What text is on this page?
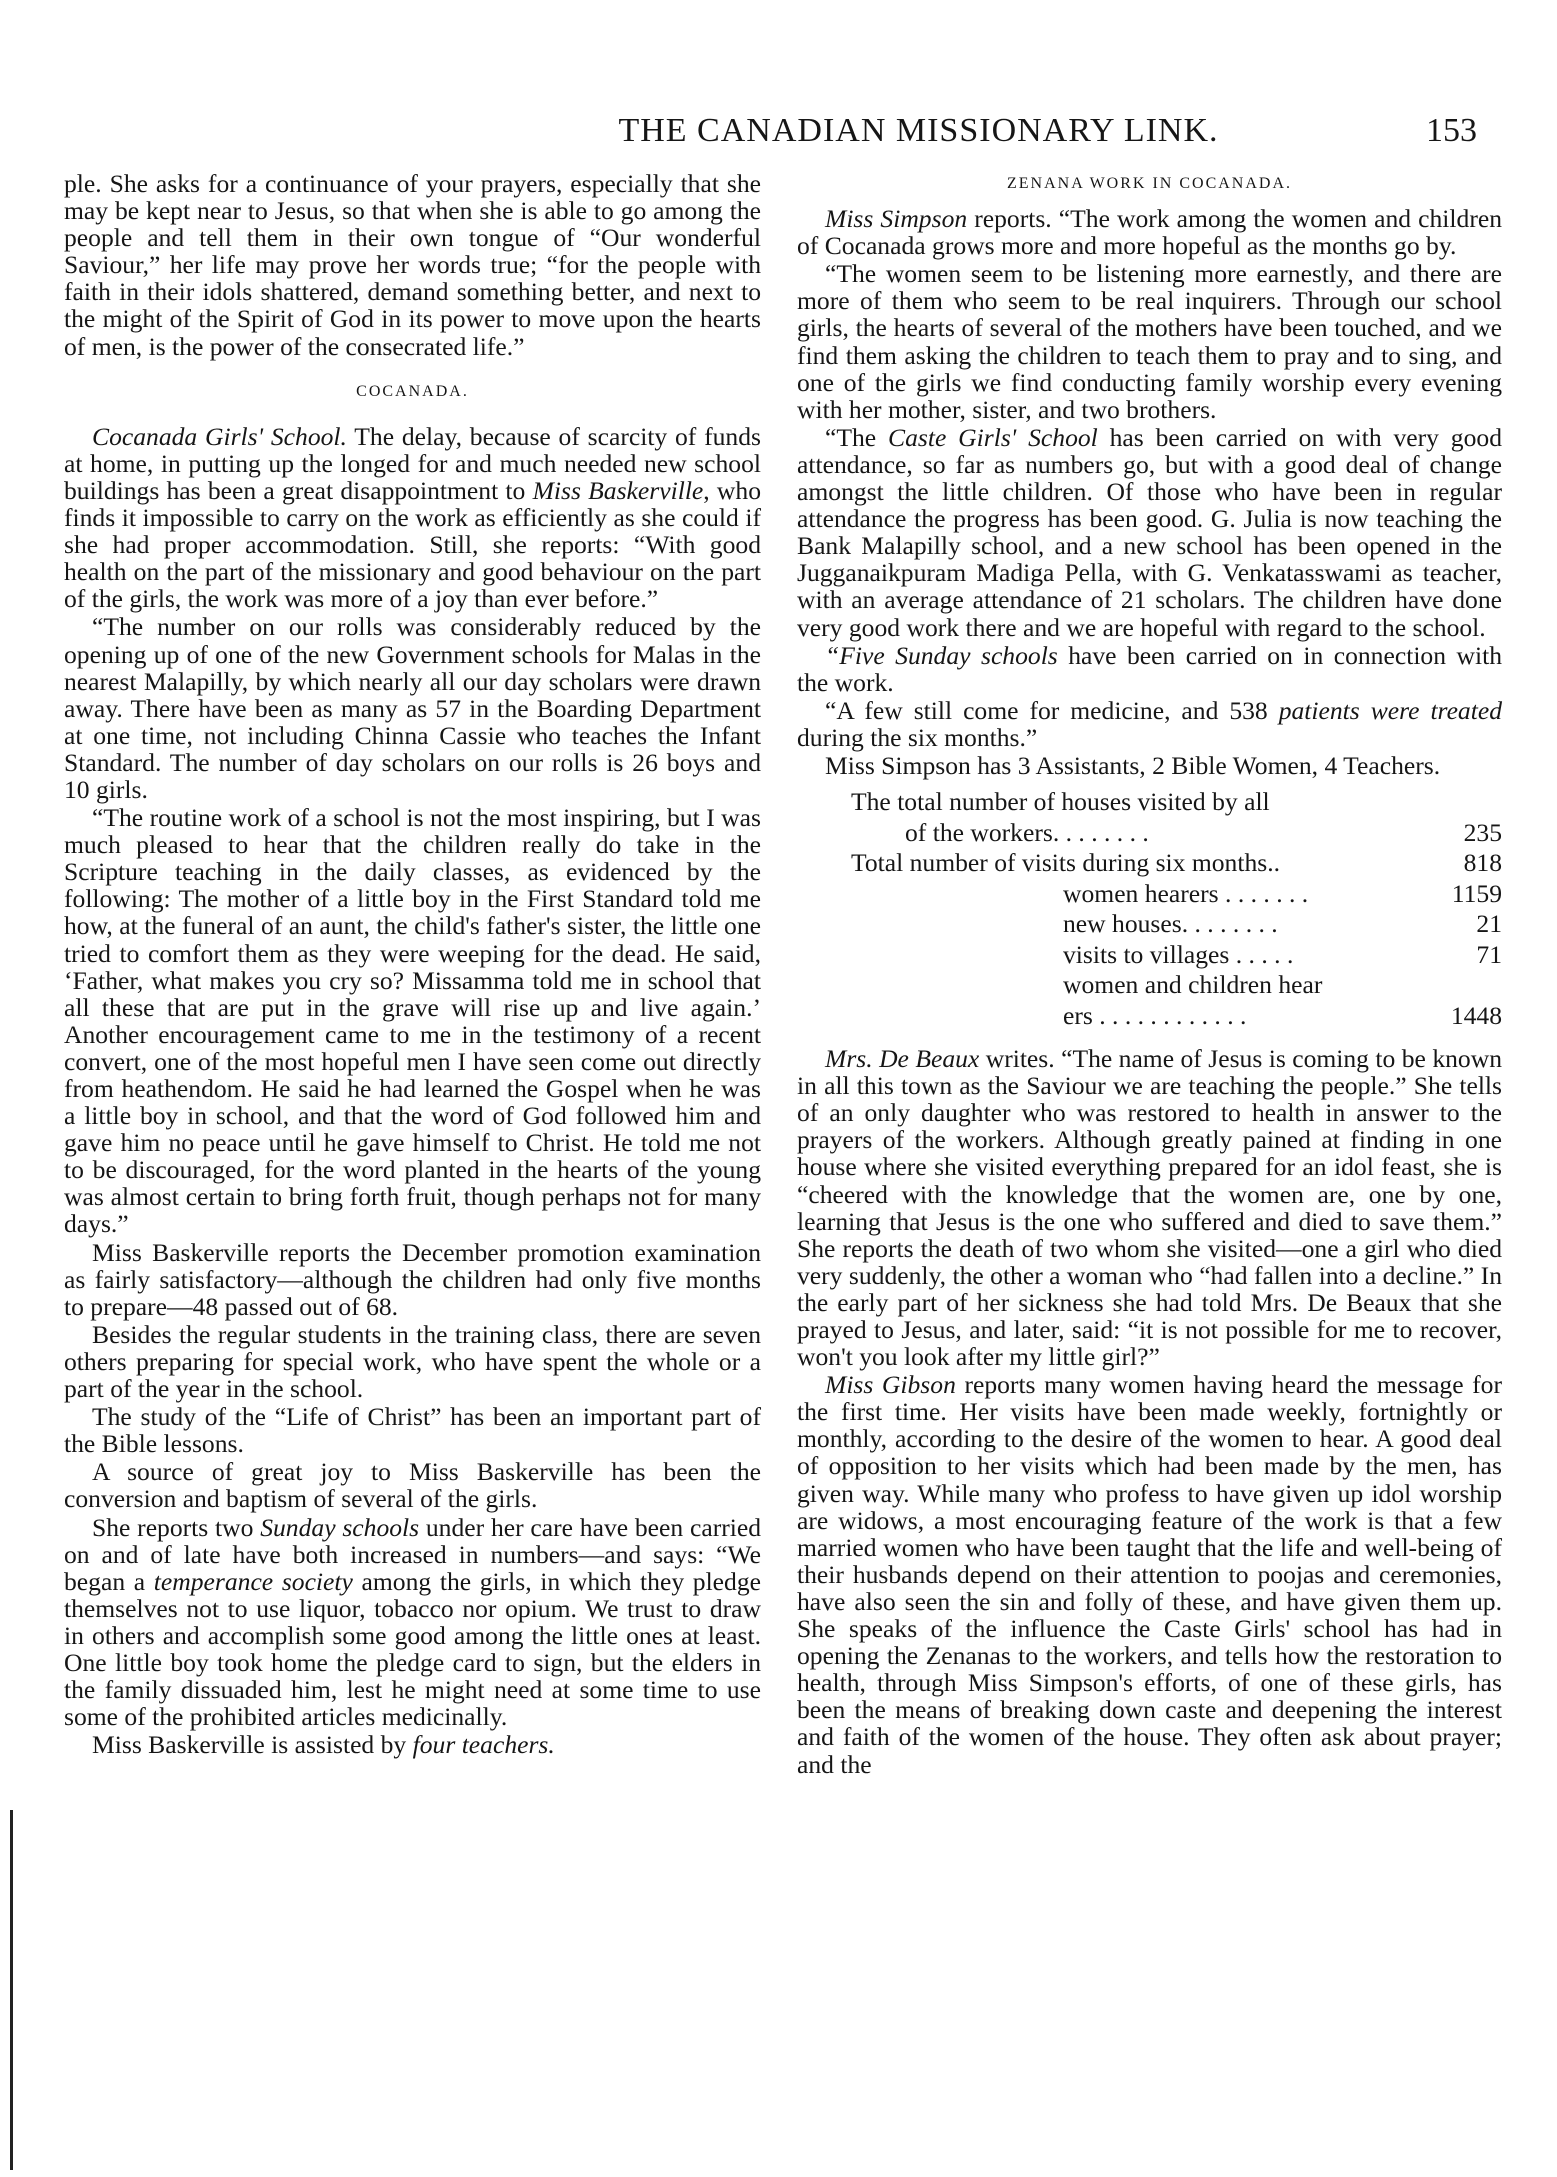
THE CANADIAN MISSIONARY LINK.	153

ple. She asks for a continuance of your prayers, especially that she may be kept near to Jesus, so that when she is able to go among the people and tell them in their own tongue of “Our wonderful Saviour,” her life may prove her words true; “for the people with faith in their idols shattered, demand something better, and next to the might of the Spirit of God in its power to move upon the hearts of men, is the power of the consecrated life.”

COCANADA.

Cocanada Girls' School. The delay, because of scarcity of funds at home, in putting up the longed for and much needed new school buildings has been a great disappointment to Miss Baskerville, who finds it impossible to carry on the work as efficiently as she could if she had proper accommodation. Still, she reports: “With good health on the part of the missionary and good behaviour on the part of the girls, the work was more of a joy than ever before.”

“The number on our rolls was considerably reduced by the opening up of one of the new Government schools for Malas in the nearest Malapilly, by which nearly all our day scholars were drawn away. There have been as many as 57 in the Boarding Department at one time, not including Chinna Cassie who teaches the Infant Standard. The number of day scholars on our rolls is 26 boys and 10 girls.

“The routine work of a school is not the most inspiring, but I was much pleased to hear that the children really do take in the Scripture teaching in the daily classes, as evidenced by the following: The mother of a little boy in the First Standard told me how, at the funeral of an aunt, the child's father's sister, the little one tried to comfort them as they were weeping for the dead. He said, ‘Father, what makes you cry so? Missamma told me in school that all these that are put in the grave will rise up and live again.’ Another encouragement came to me in the testimony of a recent convert, one of the most hopeful men I have seen come out directly from heathendom. He said he had learned the Gospel when he was a little boy in school, and that the word of God followed him and gave him no peace until he gave himself to Christ. He told me not to be discouraged, for the word planted in the hearts of the young was almost certain to bring forth fruit, though perhaps not for many days.”

Miss Baskerville reports the December promotion examination as fairly satisfactory—although the children had only five months to prepare—48 passed out of 68.

Besides the regular students in the training class, there are seven others preparing for special work, who have spent the whole or a part of the year in the school.

The study of the “Life of Christ” has been an important part of the Bible lessons.

A source of great joy to Miss Baskerville has been the conversion and baptism of several of the girls.

She reports two Sunday schools under her care have been carried on and of late have both increased in numbers—and says: “We began a temperance society among the girls, in which they pledge themselves not to use liquor, tobacco nor opium. We trust to draw in others and accomplish some good among the little ones at least. One little boy took home the pledge card to sign, but the elders in the family dissuaded him, lest he might need at some time to use some of the prohibited articles medicinally.

Miss Baskerville is assisted by four teachers.

ZENANA WORK IN COCANADA.

Miss Simpson reports. “The work among the women and children of Cocanada grows more and more hopeful as the months go by.

“The women seem to be listening more earnestly, and there are more of them who seem to be real inquirers. Through our school girls, the hearts of several of the mothers have been touched, and we find them asking the children to teach them to pray and to sing, and one of the girls we find conducting family worship every evening with her mother, sister, and two brothers.

“The Caste Girls' School has been carried on with very good attendance, so far as numbers go, but with a good deal of change amongst the little children. Of those who have been in regular attendance the progress has been good. G. Julia is now teaching the Bank Malapilly school, and a new school has been opened in the Jugganaikpuram Madiga Pella, with G. Venkatasswami as teacher, with an average attendance of 21 scholars. The children have done very good work there and we are hopeful with regard to the school.

“Five Sunday schools have been carried on in connection with the work.

“A few still come for medicine, and 538 patients were treated during the six months.”

Miss Simpson has 3 Assistants, 2 Bible Women, 4 Teachers.

The total number of houses visited by all	
of the workers. . . . . . . .	235
Total number of visits during six months..	818
women hearers . . . . . . .	1159
new houses. . . . . . . .	21
visits to villages . . . . .	71
women and children hear	
ers . . . . . . . . . . . .	1448

Mrs. De Beaux writes. “The name of Jesus is coming to be known in all this town as the Saviour we are teaching the people.” She tells of an only daughter who was restored to health in answer to the prayers of the workers. Although greatly pained at finding in one house where she visited everything prepared for an idol feast, she is “cheered with the knowledge that the women are, one by one, learning that Jesus is the one who suffered and died to save them.” She reports the death of two whom she visited—one a girl who died very suddenly, the other a woman who “had fallen into a decline.” In the early part of her sickness she had told Mrs. De Beaux that she prayed to Jesus, and later, said: “it is not possible for me to recover, won't you look after my little girl?”

Miss Gibson reports many women having heard the message for the first time. Her visits have been made weekly, fortnightly or monthly, according to the desire of the women to hear. A good deal of opposition to her visits which had been made by the men, has given way. While many who profess to have given up idol worship are widows, a most encouraging feature of the work is that a few married women who have been taught that the life and well-being of their husbands depend on their attention to poojas and ceremonies, have also seen the sin and folly of these, and have given them up. She speaks of the influence the Caste Girls' school has had in opening the Zenanas to the workers, and tells how the restoration to health, through Miss Simpson's efforts, of one of these girls, has been the means of breaking down caste and deepening the interest and faith of the women of the house. They often ask about prayer; and the
